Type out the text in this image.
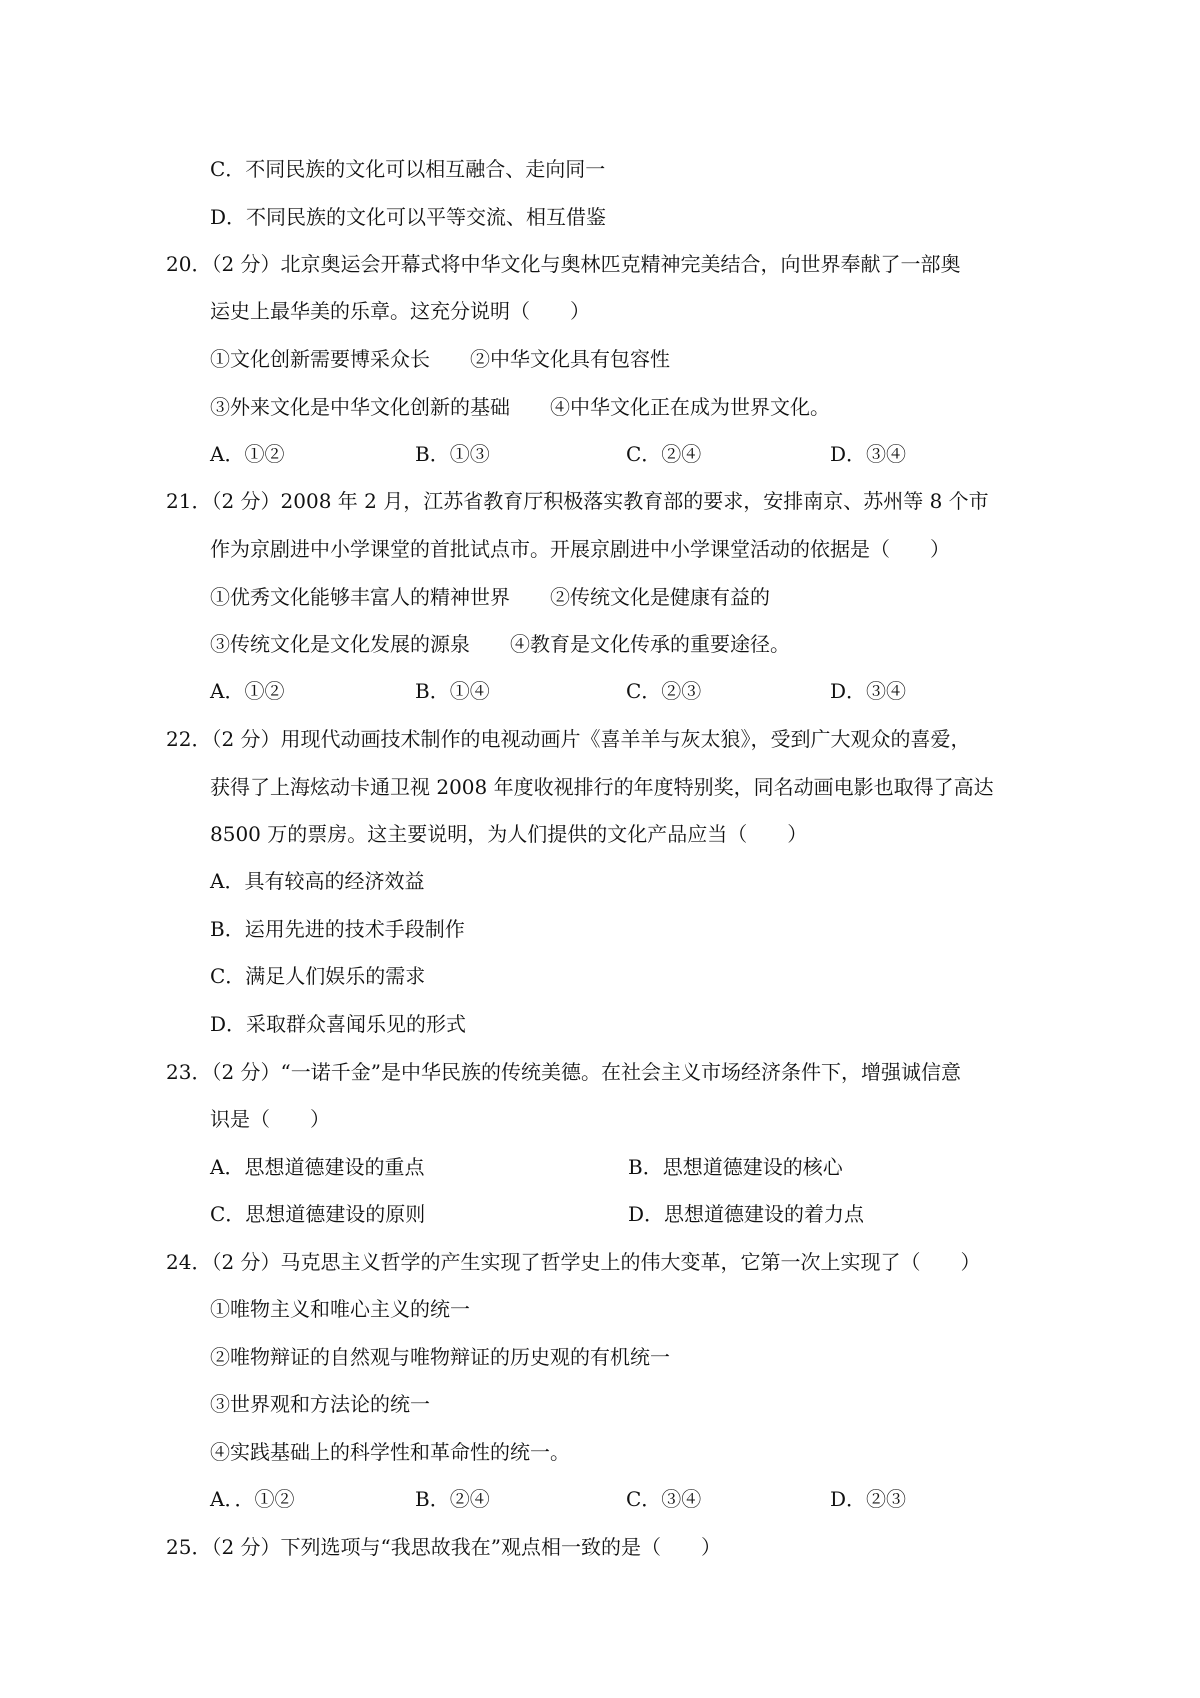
C．不同民族的文化可以相互融合、走向同一
D．不同民族的文化可以平等交流、相互借鉴
20．（2 分）北京奥运会开幕式将中华文化与奥林匹克精神完美结合，向世界奉献了一部奥
运史上最华美的乐章。这充分说明（　　）
①文化创新需要博采众长　　②中华文化具有包容性
③外来文化是中华文化创新的基础　　④中华文化正在成为世界文化。
A．①②	B．①③	C．②④	D．③④
21．（2 分）2008 年 2 月，江苏省教育厅积极落实教育部的要求，安排南京、苏州等 8 个市
作为京剧进中小学课堂的首批试点市。开展京剧进中小学课堂活动的依据是（　　）
①优秀文化能够丰富人的精神世界　　②传统文化是健康有益的
③传统文化是文化发展的源泉　　④教育是文化传承的重要途径。
A．①②	B．①④	C．②③	D．③④
22．（2 分）用现代动画技术制作的电视动画片《喜羊羊与灰太狼》，受到广大观众的喜爱，
获得了上海炫动卡通卫视 2008 年度收视排行的年度特别奖，同名动画电影也取得了高达
8500 万的票房。这主要说明，为人们提供的文化产品应当（　　）
A．具有较高的经济效益
B．运用先进的技术手段制作
C．满足人们娱乐的需求
D．采取群众喜闻乐见的形式
23．（2 分）“一诺千金”是中华民族的传统美德。在社会主义市场经济条件下，增强诚信意
识是（　　）
A．思想道德建设的重点	B．思想道德建设的核心
C．思想道德建设的原则	D．思想道德建设的着力点
24．（2 分）马克思主义哲学的产生实现了哲学史上的伟大变革，它第一次上实现了（　　）
①唯物主义和唯心主义的统一
②唯物辩证的自然观与唯物辩证的历史观的有机统一
③世界观和方法论的统一
④实践基础上的科学性和革命性的统一。
A．．①②	B．②④	C．③④	D．②③
25．（2 分）下列选项与“我思故我在”观点相一致的是（　　）
